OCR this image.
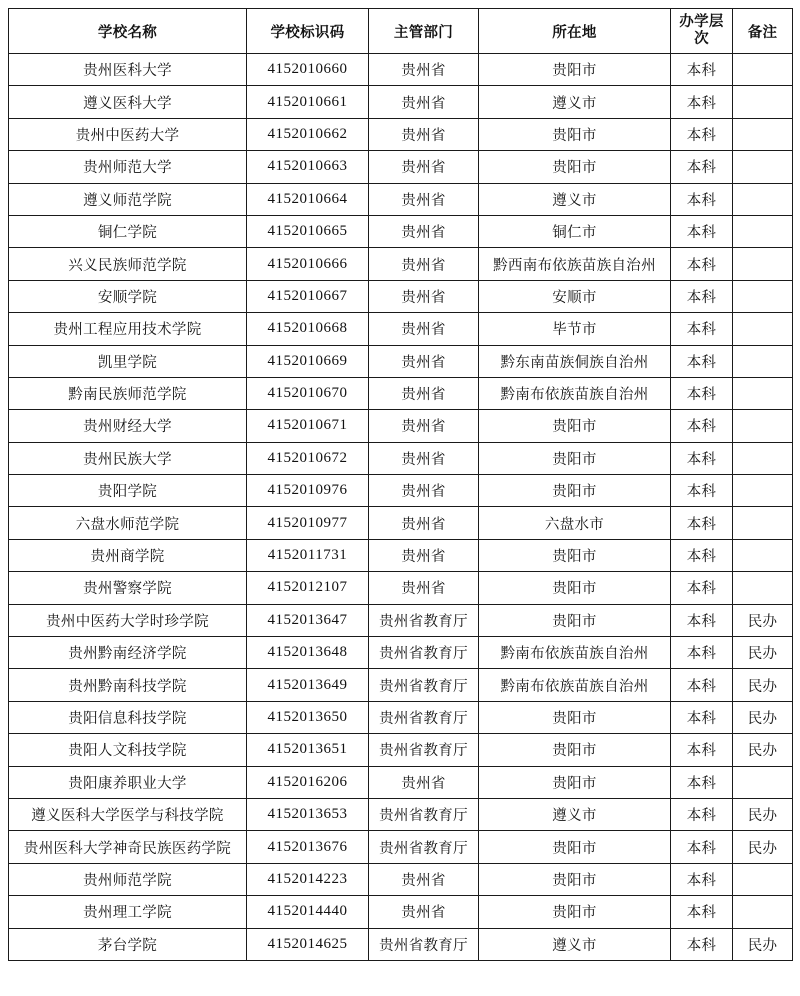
学校名称	学校标识码	主管部门	所在地	办学层次	备注
贵州医科大学	4152010660	贵州省	贵阳市	本科	
遵义医科大学	4152010661	贵州省	遵义市	本科	
贵州中医药大学	4152010662	贵州省	贵阳市	本科	
贵州师范大学	4152010663	贵州省	贵阳市	本科	
遵义师范学院	4152010664	贵州省	遵义市	本科	
铜仁学院	4152010665	贵州省	铜仁市	本科	
兴义民族师范学院	4152010666	贵州省	黔西南布依族苗族自治州	本科	
安顺学院	4152010667	贵州省	安顺市	本科	
贵州工程应用技术学院	4152010668	贵州省	毕节市	本科	
凯里学院	4152010669	贵州省	黔东南苗族侗族自治州	本科	
黔南民族师范学院	4152010670	贵州省	黔南布依族苗族自治州	本科	
贵州财经大学	4152010671	贵州省	贵阳市	本科	
贵州民族大学	4152010672	贵州省	贵阳市	本科	
贵阳学院	4152010976	贵州省	贵阳市	本科	
六盘水师范学院	4152010977	贵州省	六盘水市	本科	
贵州商学院	4152011731	贵州省	贵阳市	本科	
贵州警察学院	4152012107	贵州省	贵阳市	本科	
贵州中医药大学时珍学院	4152013647	贵州省教育厅	贵阳市	本科	民办
贵州黔南经济学院	4152013648	贵州省教育厅	黔南布依族苗族自治州	本科	民办
贵州黔南科技学院	4152013649	贵州省教育厅	黔南布依族苗族自治州	本科	民办
贵阳信息科技学院	4152013650	贵州省教育厅	贵阳市	本科	民办
贵阳人文科技学院	4152013651	贵州省教育厅	贵阳市	本科	民办
贵阳康养职业大学	4152016206	贵州省	贵阳市	本科	
遵义医科大学医学与科技学院	4152013653	贵州省教育厅	遵义市	本科	民办
贵州医科大学神奇民族医药学院	4152013676	贵州省教育厅	贵阳市	本科	民办
贵州师范学院	4152014223	贵州省	贵阳市	本科	
贵州理工学院	4152014440	贵州省	贵阳市	本科	
茅台学院	4152014625	贵州省教育厅	遵义市	本科	民办
